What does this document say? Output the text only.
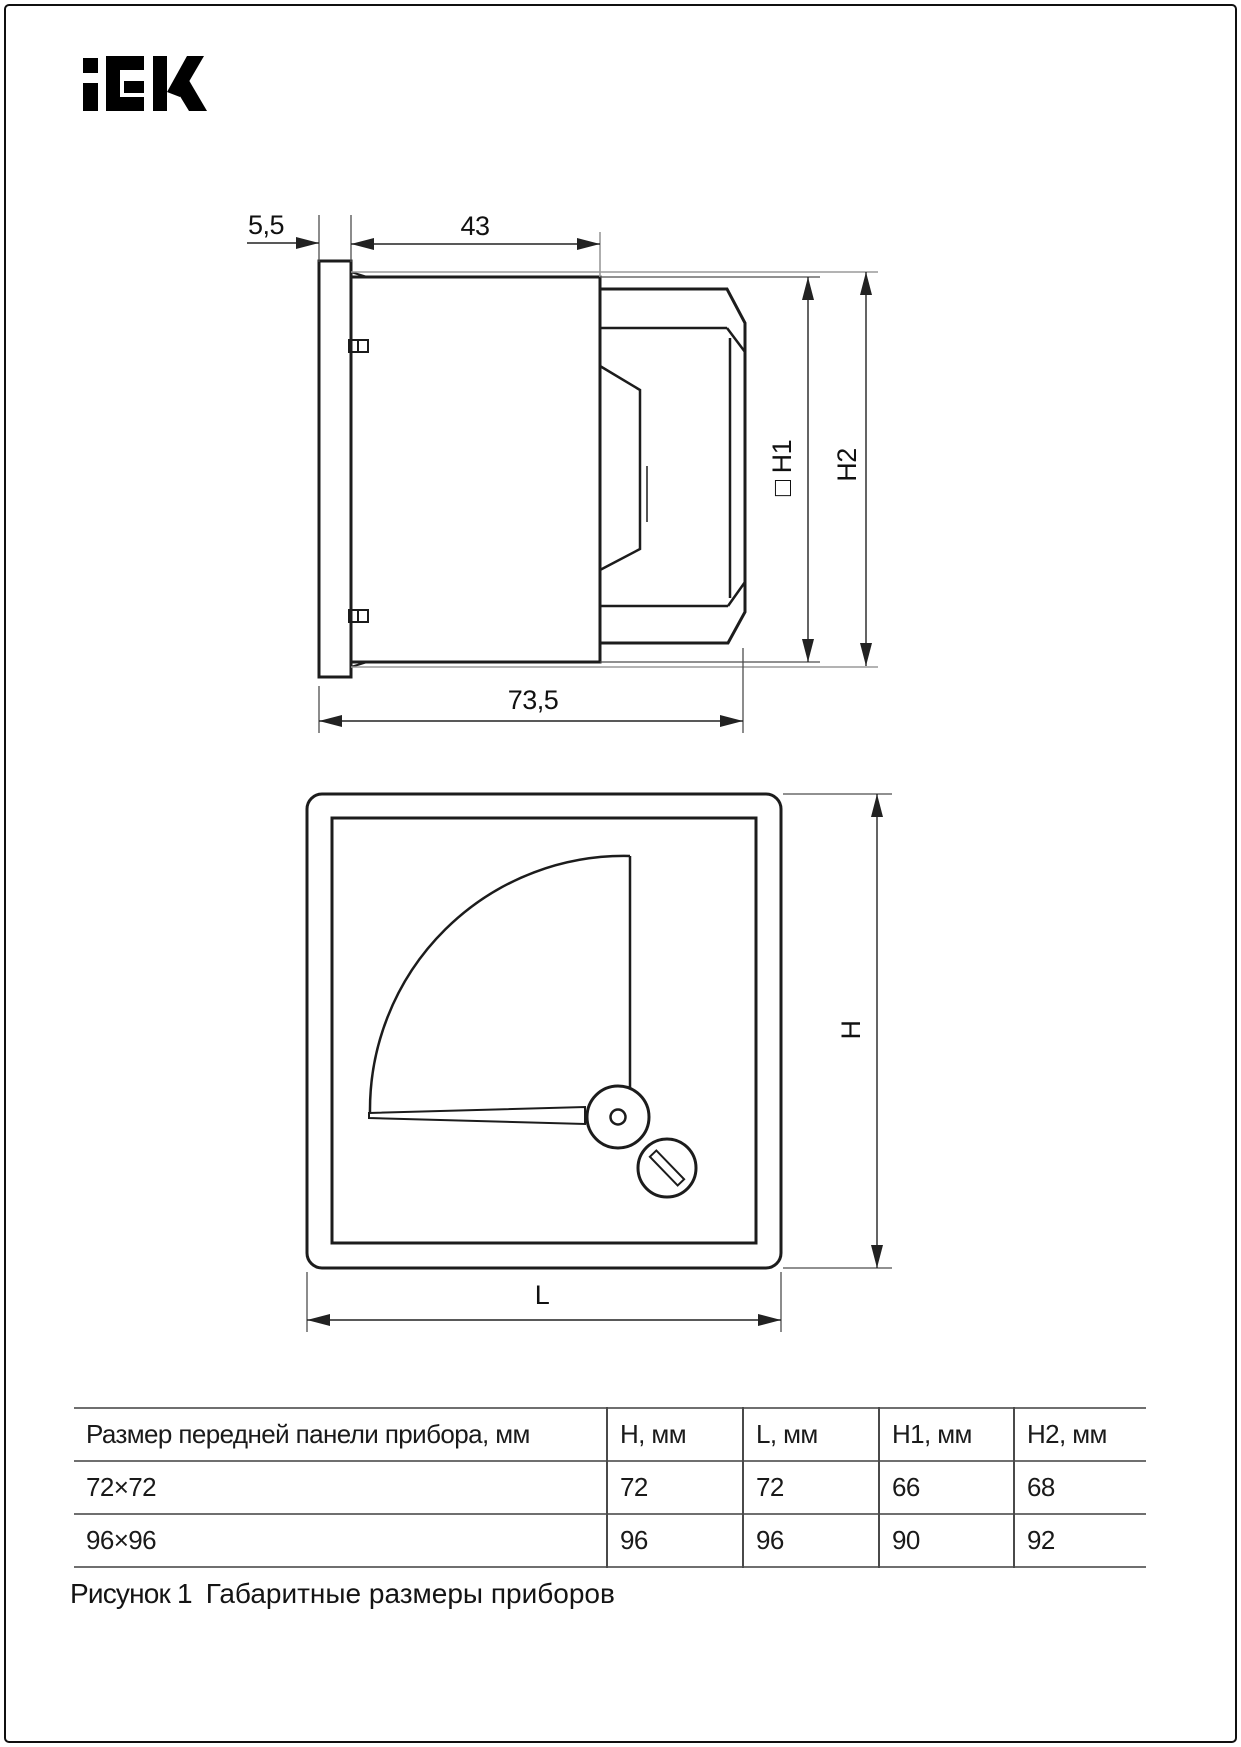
5,5	43
73,5
□ H1 H2
H
L
Размер передней панели прибора, мм	H, мм	L, мм	H1, мм	H2, мм
72×72	72	72	66	68
96×96	96	96	90	92
Рисунок 1 Габаритные размеры приборов
